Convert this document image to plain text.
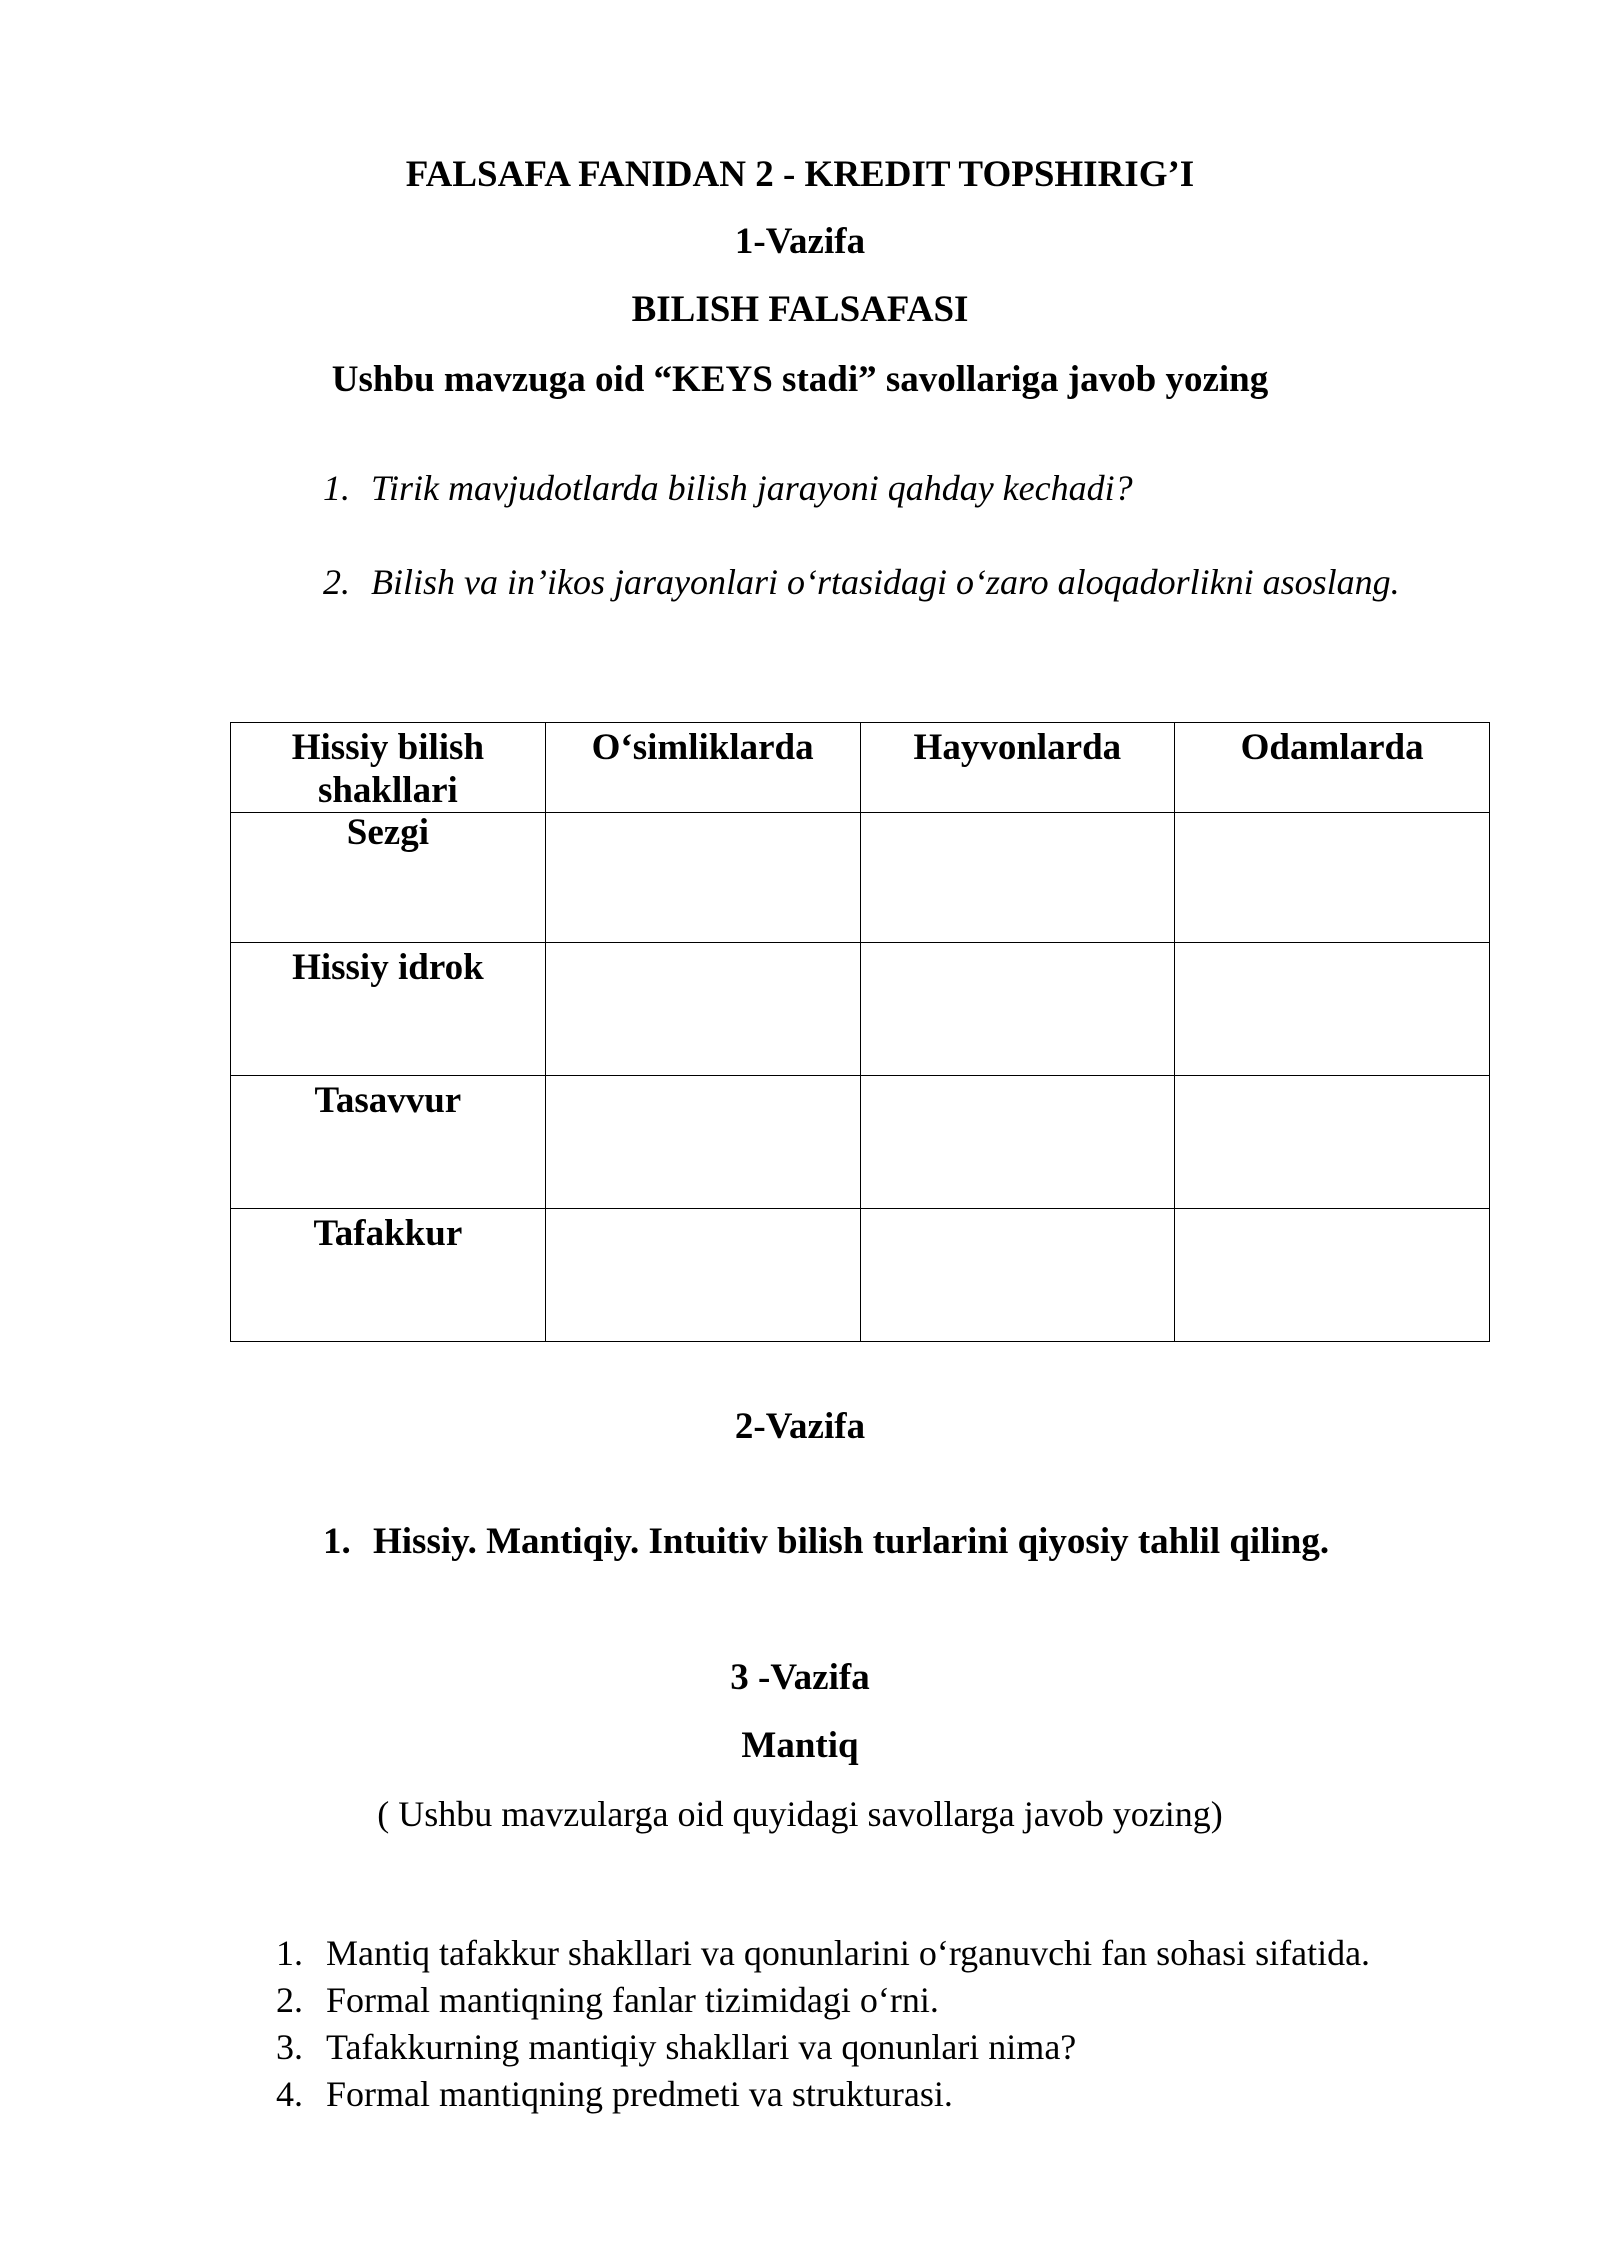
FALSAFA FANIDAN 2 - KREDIT TOPSHIRIG’I
1-Vazifa
BILISH FALSAFASI
Ushbu mavzuga oid “KEYS stadi” savollariga javob yozing
1. Tirik mavjudotlarda bilish jarayoni qahday kechadi?
2. Bilish va in’ikos jarayonlari o‘rtasidagi o‘zaro aloqadorlikni asoslang.
Hissiy bilish shakllari	O‘simliklarda	Hayvonlarda	Odamlarda
Sezgi			
Hissiy idrok			
Tasavvur			
Tafakkur			
2-Vazifa
1. Hissiy. Mantiqiy. Intuitiv bilish turlarini qiyosiy tahlil qiling.
3 -Vazifa
Mantiq
( Ushbu mavzularga oid quyidagi savollarga javob yozing)
1. Mantiq tafakkur shakllari va qonunlarini o‘rganuvchi fan sohasi sifatida.
2. Formal mantiqning fanlar tizimidagi o‘rni.
3. Tafakkurning mantiqiy shakllari va qonunlari nima?
4. Formal mantiqning predmeti va strukturasi.
